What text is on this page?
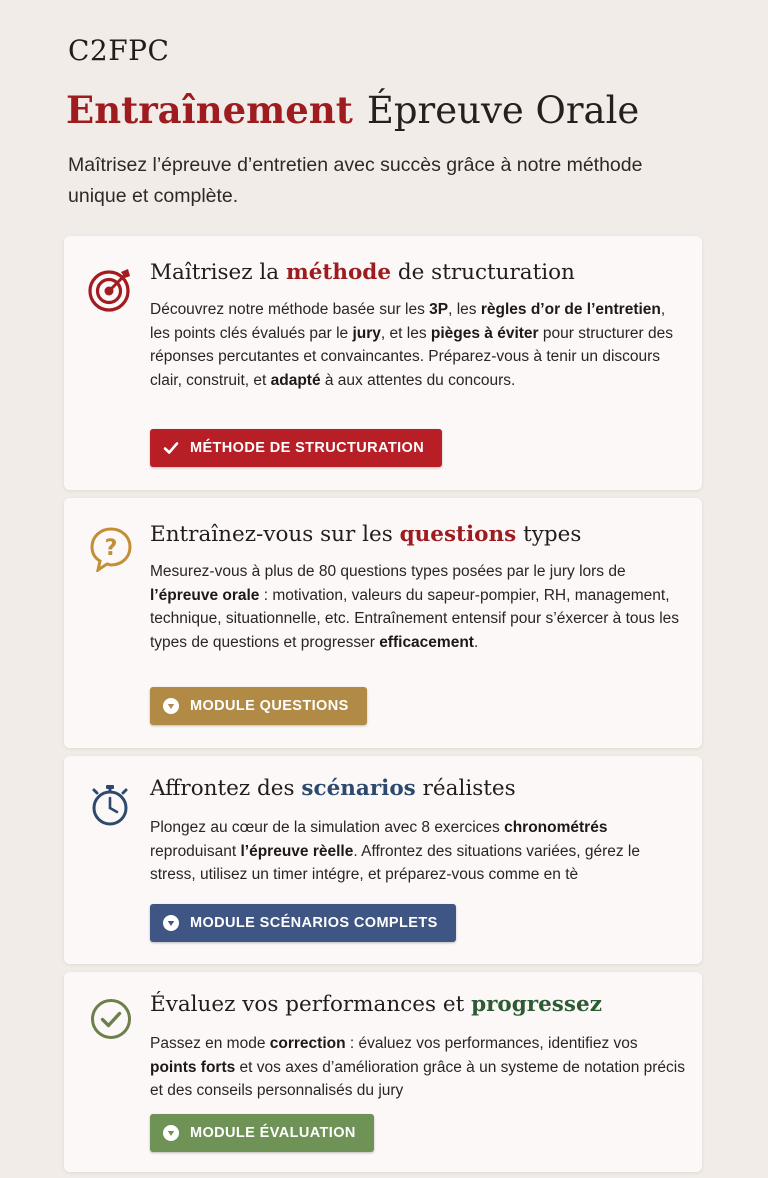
C2FPC
Entraînement Épreuve Orale

Maîtrisez l’épreuve d’entretien avec succès grâce à notre méthode unique et complète.

Maîtrisez la méthode de structuration

Découvrez notre méthode basée sur les 3P, les règles d’or de l’entretien, les points clés évalués par le jury, et les pièges à éviter pour structurer des réponses percutantes et convaincantes. Préparez-vous à tenir un discours clair, construit, et adapté à aux attentes du concours.

MÉTHODE DE STRUCTURATION
?
Entraînez-vous sur les questions types

Mesurez-vous à plus de 80 questions types posées par le jury lors de l’épreuve orale : motivation, valeurs du sapeur-pompier, RH, management, technique, situationnelle, etc. Entraînement entensif pour s’éxercer à tous les types de questions et progresser efficacement.

MODULE QUESTIONS
Affrontez des scénarios réalistes

Plongez au cœur de la simulation avec 8 exercices chronométrés reproduisant l’épreuve rèelle. Affrontez des situations variées, gérez le stress, utilisez un timer intégre, et préparez-vous comme en tè

MODULE SCÉNARIOS COMPLETS
Évaluez vos performances et progressez

Passez en mode correction : évaluez vos performances, identifiez vos points forts et vos axes d’amélioration grâce à un systeme de notation précis et des conseils personnalisés du jury

MODULE ÉVALUATION
